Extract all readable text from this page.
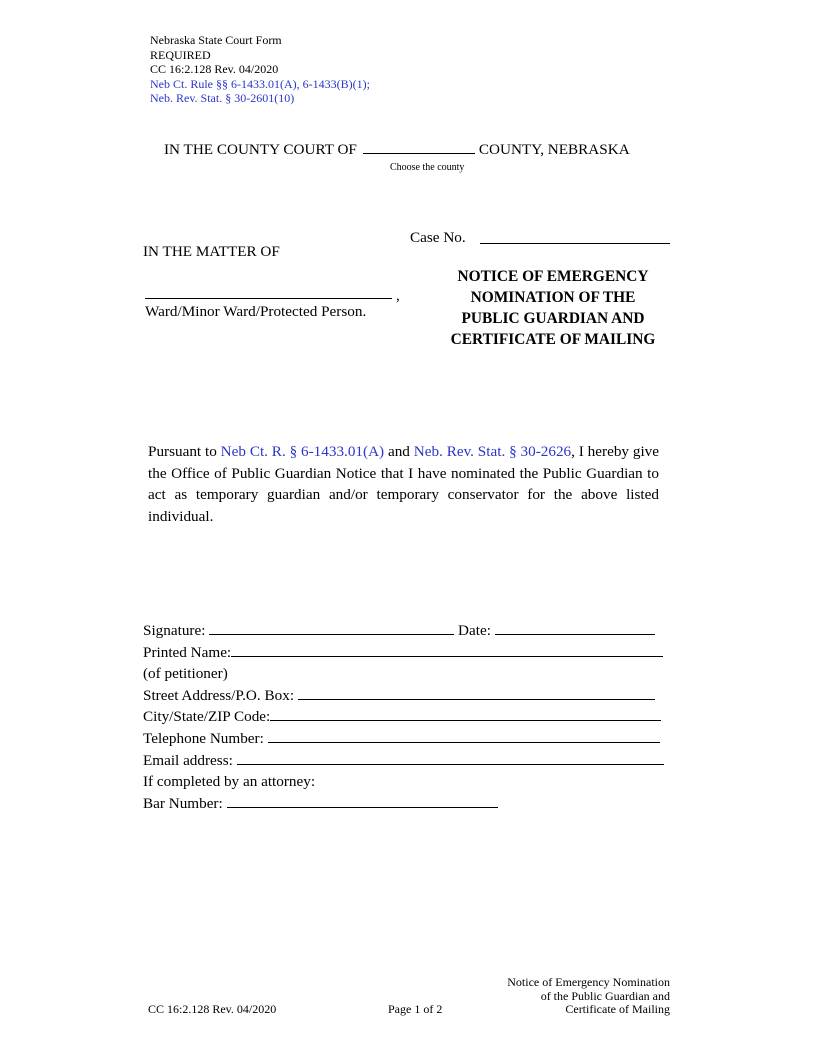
Nebraska State Court Form
REQUIRED
CC 16:2.128 Rev. 04/2020
Neb Ct. Rule §§ 6-1433.01(A), 6-1433(B)(1);
Neb. Rev. Stat. § 30-2601(10)
IN THE COUNTY COURT OF	COUNTY, NEBRASKA
Choose the county
Case No.
IN THE MATTER OF
,
Ward/Minor Ward/Protected Person.
NOTICE OF EMERGENCY
NOMINATION OF THE
PUBLIC GUARDIAN AND
CERTIFICATE OF MAILING
Pursuant to Neb Ct. R. § 6-1433.01(A) and Neb. Rev. Stat. § 30-2626, I hereby give the Office of Public Guardian Notice that I have nominated the Public Guardian to act as temporary guardian and/or temporary conservator for the above listed individual.
Signature:	Date:
Printed Name:
(of petitioner)
Street Address/P.O. Box:
City/State/ZIP Code:
Telephone Number:
Email address:
If completed by an attorney:
Bar Number:
CC 16:2.128 Rev. 04/2020	Page 1 of 2
Notice of Emergency Nomination
of the Public Guardian and
Certificate of Mailing
